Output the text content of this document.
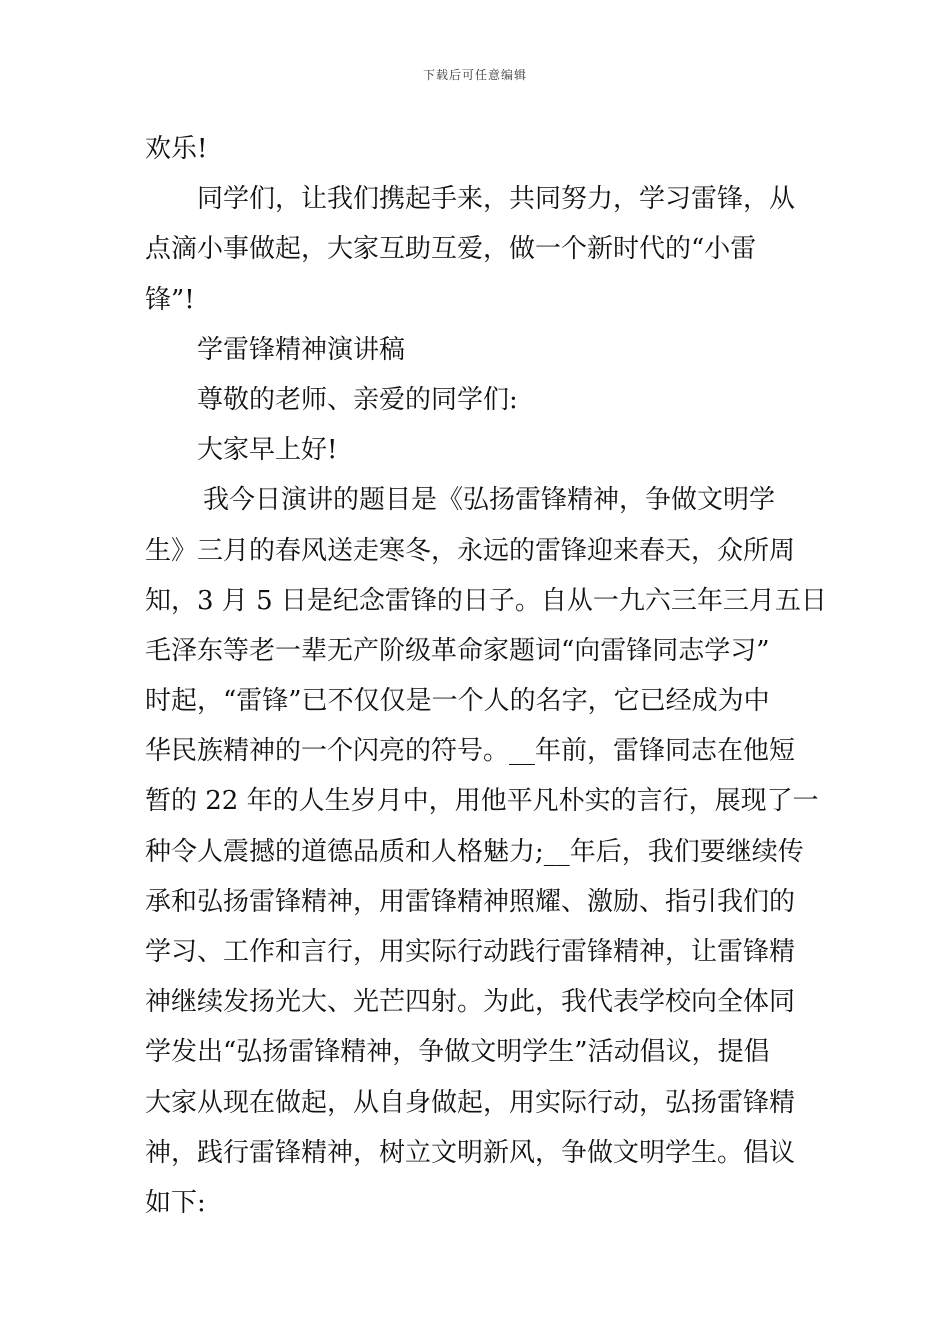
下载后可任意编辑
欢乐!
同学们，让我们携起手来，共同努力，学习雷锋，从
点滴小事做起，大家互助互爱，做一个新时代的“小雷
锋”!
学雷锋精神演讲稿
尊敬的老师、亲爱的同学们:
大家早上好!
我今日演讲的题目是《弘扬雷锋精神，争做文明学
生》三月的春风送走寒冬，永远的雷锋迎来春天，众所周
知，3 月 5 日是纪念雷锋的日子。自从一九六三年三月五日
毛泽东等老一辈无产阶级革命家题词“向雷锋同志学习”
时起，“雷锋”已不仅仅是一个人的名字，它已经成为中
华民族精神的一个闪亮的符号。__年前，雷锋同志在他短
暂的 22 年的人生岁月中，用他平凡朴实的言行，展现了一
种令人震撼的道德品质和人格魅力;__年后，我们要继续传
承和弘扬雷锋精神，用雷锋精神照耀、激励、指引我们的
学习、工作和言行，用实际行动践行雷锋精神，让雷锋精
神继续发扬光大、光芒四射。为此，我代表学校向全体同
学发出“弘扬雷锋精神，争做文明学生”活动倡议，提倡
大家从现在做起，从自身做起，用实际行动，弘扬雷锋精
神，践行雷锋精神，树立文明新风，争做文明学生。倡议
如下:
